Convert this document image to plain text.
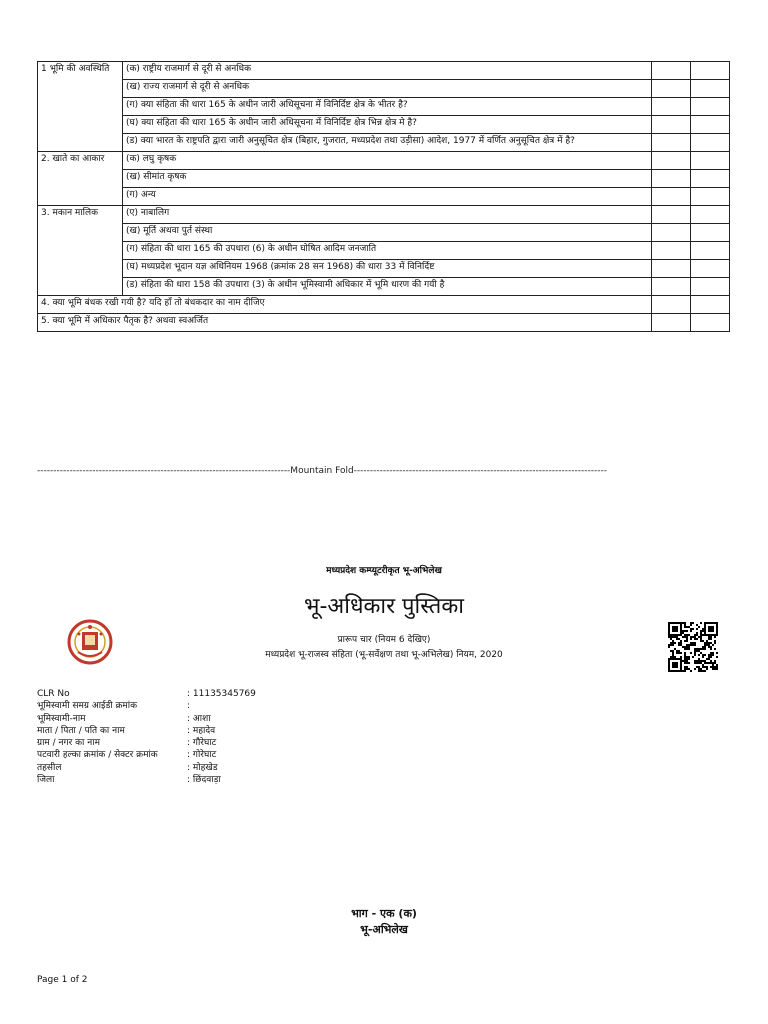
1 भूमि की अवस्थिति	(क) राष्ट्रीय राजमार्ग से दूरी से अनधिक		
	(ख) राज्य राजमार्ग से दूरी से अनधिक		
	(ग) क्या संहिता की धारा 165 के अधीन जारी अधिसूचना में विनिर्दिष्ट क्षेत्र के भीतर है?		
	(घ) क्या संहिता की धारा 165 के अधीन जारी अधिसूचना में विनिर्दिष्ट क्षेत्र भिन्न क्षेत्र मे है?		
	(ड) क्या भारत के राष्ट्रपति द्वारा जारी अनुसूचित क्षेत्र (बिहार, गुजरात, मध्यप्रदेश तथा उड़ीसा) आदेश, 1977 में वर्णित अनुसूचित क्षेत्र में है?		
2. खाते का आकार	(क) लघु कृषक		
	(ख) सीमांत कृषक		
	(ग) अन्य		
3. मकान मालिक	(ए) नाबालिग		
	(ख) मूर्ति अथवा पुर्त संस्था		
	(ग) संहिता की धारा 165 की उपधारा (6) के अधीन घोषित आदिम जनजाति		
	(घ) मध्यप्रदेश भूदान यज्ञ अधिनियम 1968 (क्रमांक 28 सन 1968) की धारा 33 में विनिर्दिष्ट		
	(ड) संहिता की धारा 158 की उपधारा (3) के अधीन भूमिस्वामी अधिकार में भूमि धारण की गयी है		
4. क्या भूमि बंधक रखी गयी है? यदि हाँ तो बंधकदार का नाम दीजिए			
5. क्या भूमि में अधिकार पैतृक है? अथवा स्वअर्जित			
------------------------------------------------------------------------------Mountain Fold------------------------------------------------------------------------------
मध्यप्रदेश कम्प्यूटरीकृत भू-अभिलेख
भू-अधिकार पुस्तिका
प्रारूप चार (नियम 6 देखिए)
मध्यप्रदेश भू-राजस्व संहिता (भू-सर्वेक्षण तथा भू-अभिलेख) नियम, 2020
CLR No	: 11135345769
भूमिस्वामी समग्र आईडी क्रमांक	:
भूमिस्वामी-नाम	: आशा
माता / पिता / पति का नाम	: महादेव
ग्राम / नगर का नाम	: गौरेघाट
पटवारी हल्का क्रमांक / सेक्टर क्रमांक	: गोरेघाट
तहसील	: मोहखेड
जिला	: छिंदवाड़ा
भाग - एक (क)
भू-अभिलेख
Page 1 of 2
